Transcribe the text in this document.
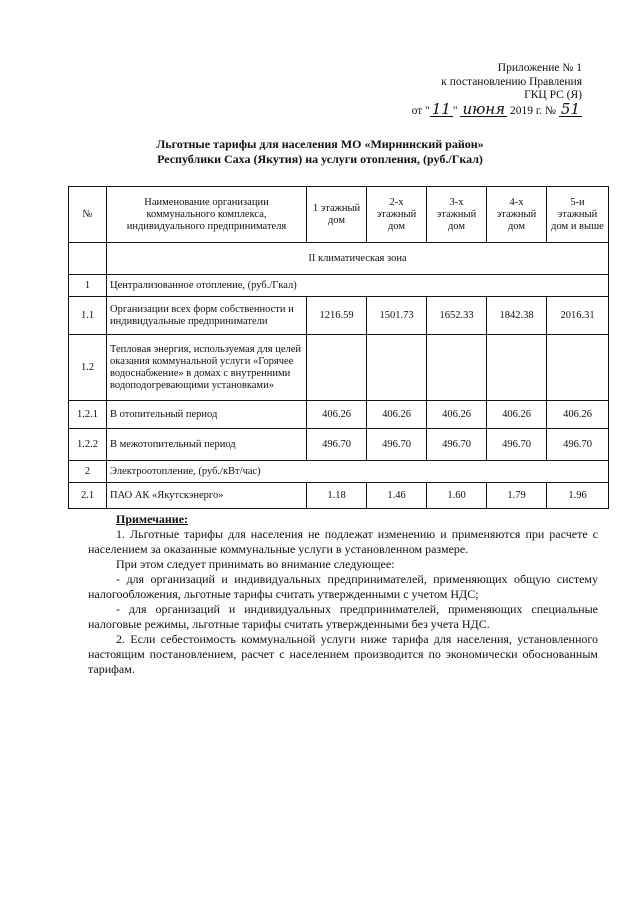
Приложение № 1
к постановлению Правления
ГКЦ РС (Я)
от " 11 " июня 2019 г. № 51
Льготные тарифы для населения МО «Мирнинский район»
Республики Саха (Якутия) на услуги отопления, (руб./Гкал)
№	Наименование организации коммунального комплекса, индивидуального предпринимателя	1 этажный дом	2-х этажный дом	3-х этажный дом	4-х этажный дом	5-и этажный дом и выше
	II климатическая зона					
1	Централизованное отопление, (руб./Гкал)					
1.1	Организации всех форм собственности и индивидуальные предприниматели	1216.59	1501.73	1652.33	1842.38	2016.31
1.2	Тепловая энергия, используемая для целей оказания коммунальной услуги «Горячее водоснабжение» в домах с внутренними водоподогревающими установками»					
1.2.1	В отопительный период	406.26	406.26	406.26	406.26	406.26
1.2.2	В межотопительный период	496.70	496.70	496.70	496.70	496.70
2	Электроотопление, (руб./кВт/час)					
2.1	ПАО АК «Якутскэнерго»	1.18	1.46	1.60	1.79	1.96

Примечание:

1. Льготные тарифы для населения не подлежат изменению и применяются при расчете с населением за оказанные коммунальные услуги в установленном размере.

При этом следует принимать во внимание следующее:

- для организаций и индивидуальных предпринимателей, применяющих общую систему налогообложения, льготные тарифы считать утвержденными с учетом НДС;

- для организаций и индивидуальных предпринимателей, применяющих специальные налоговые режимы, льготные тарифы считать утвержденными без учета НДС.

2. Если себестоимость коммунальной услуги ниже тарифа для населения, установленного настоящим постановлением, расчет с населением производится по экономически обоснованным тарифам.
